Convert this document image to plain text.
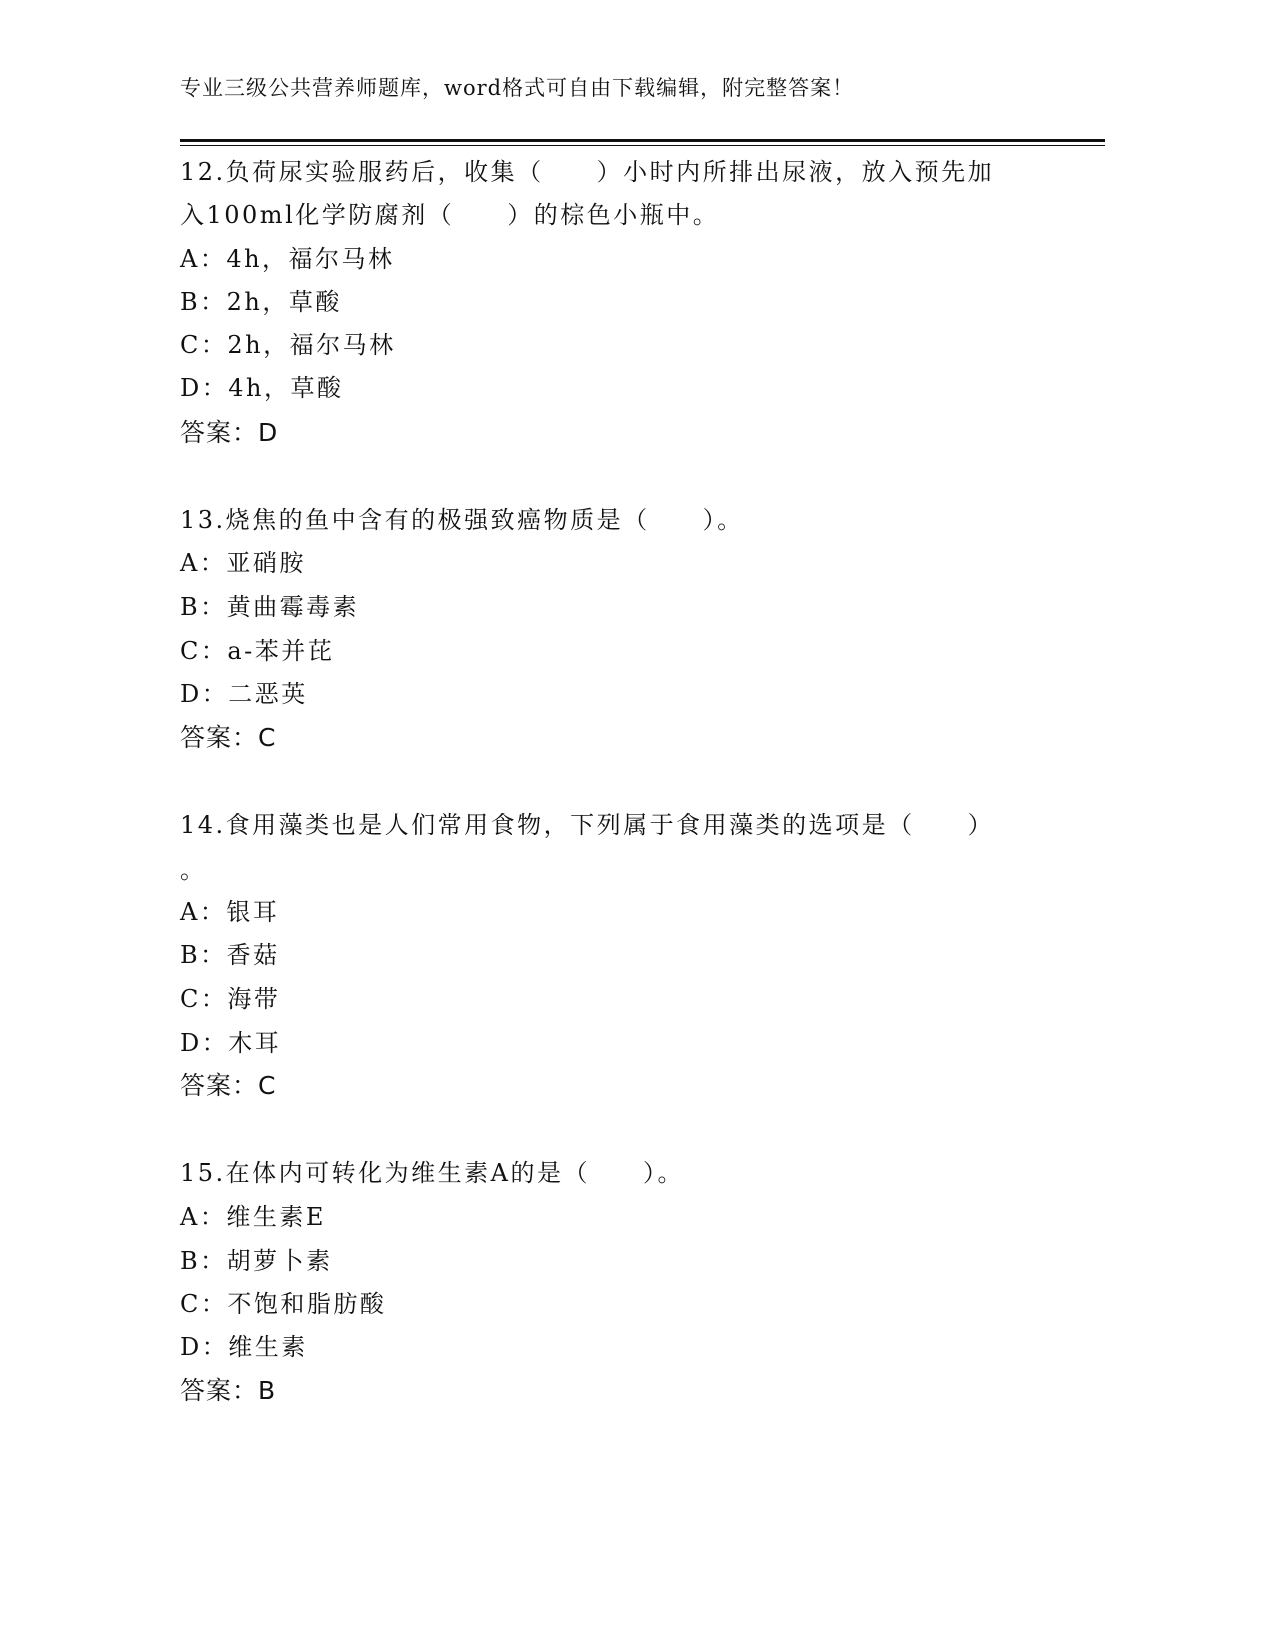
专业三级公共营养师题库，word格式可自由下载编辑，附完整答案！
12.负荷尿实验服药后，收集（　　）小时内所排出尿液，放入预先加
入100ml化学防腐剂（　　）的棕色小瓶中。
A：4h，福尔马林
B：2h，草酸
C：2h，福尔马林
D：4h，草酸
答案：D
13.烧焦的鱼中含有的极强致癌物质是（　　）。
A：亚硝胺
B：黄曲霉毒素
C：a-苯并芘
D：二恶英
答案：C
14.食用藻类也是人们常用食物，下列属于食用藻类的选项是（　　）
。
A：银耳
B：香菇
C：海带
D：木耳
答案：C
15.在体内可转化为维生素A的是（　　）。
A：维生素E
B：胡萝卜素
C：不饱和脂肪酸
D：维生素
答案：B
